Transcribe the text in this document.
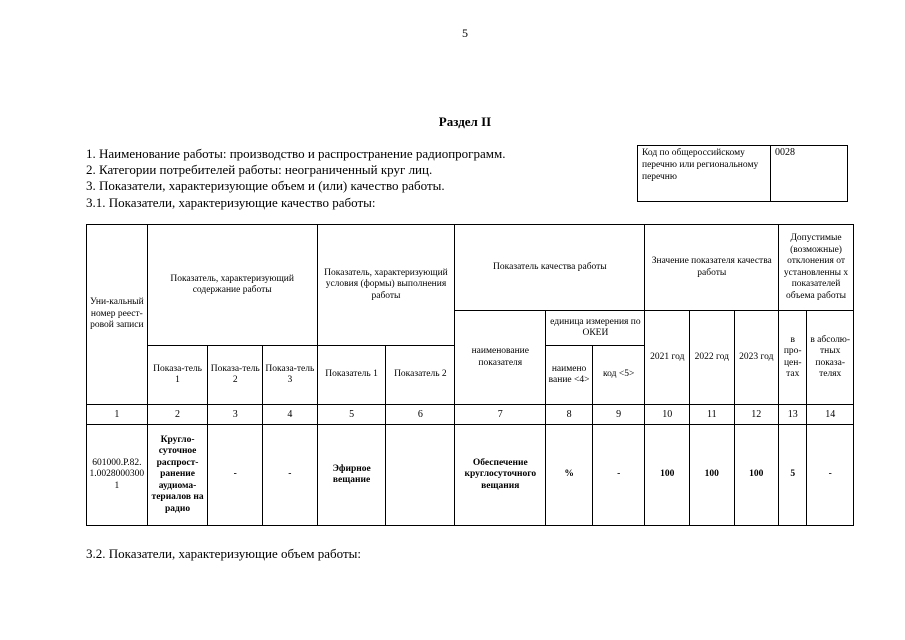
5
Раздел II
1. Наименование работы: производство и распространение радиопрограмм.
2. Категории потребителей работы: неограниченный круг лиц.
3. Показатели, характеризующие объем и (или) качество работы.
3.1. Показатели, характеризующие качество работы:
Код по общероссийскому перечню или региональному перечню
0028
Уни-кальный номер реест-ровой записи	Показатель, характеризующий содержание работы			Показатель, характеризующий условия (формы) выполнения работы		Показатель качества работы			Значение показателя качества работы			Допустимые (возможные) отклонения от установленны х показателей объема работы	
						наименование показателя	единица измерения по ОКЕИ		2021 год	2022 год	2023 год	в про-цен-тах	в абсолю-тных показа-телях
	Показа-тель 1	Показа-тель 2	Показа-тель 3	Показатель 1	Показатель 2		наимено вание <4>	код <5>					
1	2	3	4	5	6	7	8	9	10	11	12	13	14
601000.Р.82.1.00280003001	Кругло-суточное распрост-ранение аудиома-териалов на радио	-	-	Эфирное вещание		Обеспечение круглосуточного вещания	%	-	100	100	100	5	-
3.2. Показатели, характеризующие объем работы:
